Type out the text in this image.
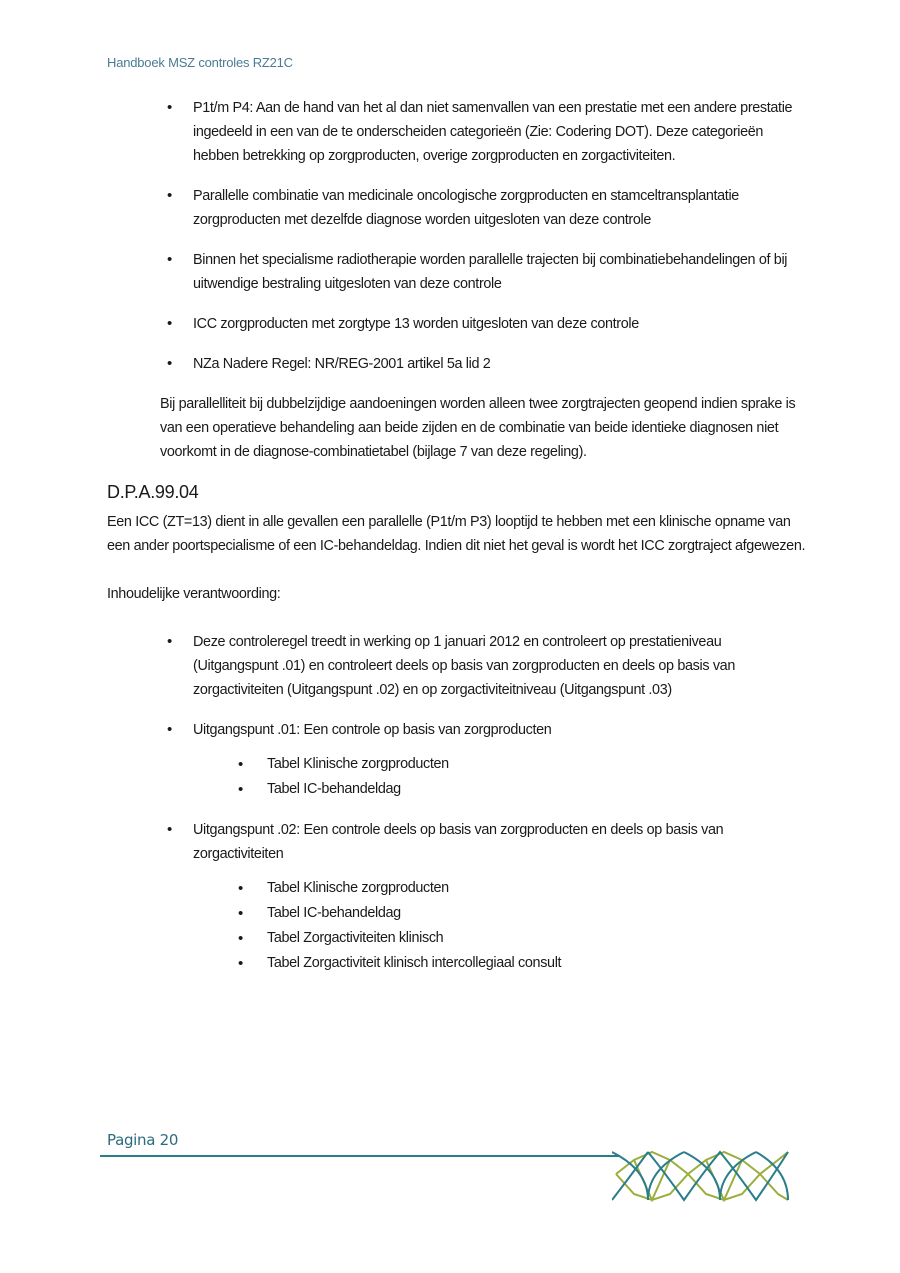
Handboek MSZ controles RZ21C
• P1t/m P4: Aan de hand van het al dan niet samenvallen van een prestatie met een andere prestatie ingedeeld in een van de te onderscheiden categorieën (Zie: Codering DOT). Deze categorieën hebben betrekking op zorgproducten, overige zorgproducten en zorgactiviteiten.
• Parallelle combinatie van medicinale oncologische zorgproducten en stamceltransplantatie zorgproducten met dezelfde diagnose worden uitgesloten van deze controle
• Binnen het specialisme radiotherapie worden parallelle trajecten bij combinatiebehandelingen of bij uitwendige bestraling uitgesloten van deze controle
• ICC zorgproducten met zorgtype 13 worden uitgesloten van deze controle
• NZa Nadere Regel: NR/REG-2001 artikel 5a lid 2
Bij parallelliteit bij dubbelzijdige aandoeningen worden alleen twee zorgtrajecten geopend indien sprake is van een operatieve behandeling aan beide zijden en de combinatie van beide identieke diagnosen niet voorkomt in de diagnose-combinatietabel (bijlage 7 van deze regeling).
D.P.A.99.04
Een ICC (ZT=13) dient in alle gevallen een parallelle (P1t/m P3) looptijd te hebben met een klinische opname van een ander poortspecialisme of een IC-behandeldag. Indien dit niet het geval is wordt het ICC zorgtraject afgewezen.
Inhoudelijke verantwoording:
• Deze controleregel treedt in werking op 1 januari 2012 en controleert op prestatieniveau (Uitgangspunt .01) en controleert deels op basis van zorgproducten en deels op basis van zorgactiviteiten (Uitgangspunt .02) en op zorgactiviteitniveau (Uitgangspunt .03)
• Uitgangspunt .01: Een controle op basis van zorgproducten
• Tabel Klinische zorgproducten
• Tabel IC-behandeldag
• Uitgangspunt .02: Een controle deels op basis van zorgproducten en deels op basis van zorgactiviteiten
• Tabel Klinische zorgproducten
• Tabel IC-behandeldag
• Tabel Zorgactiviteiten klinisch
• Tabel Zorgactiviteit klinisch intercollegiaal consult
Pagina 20
